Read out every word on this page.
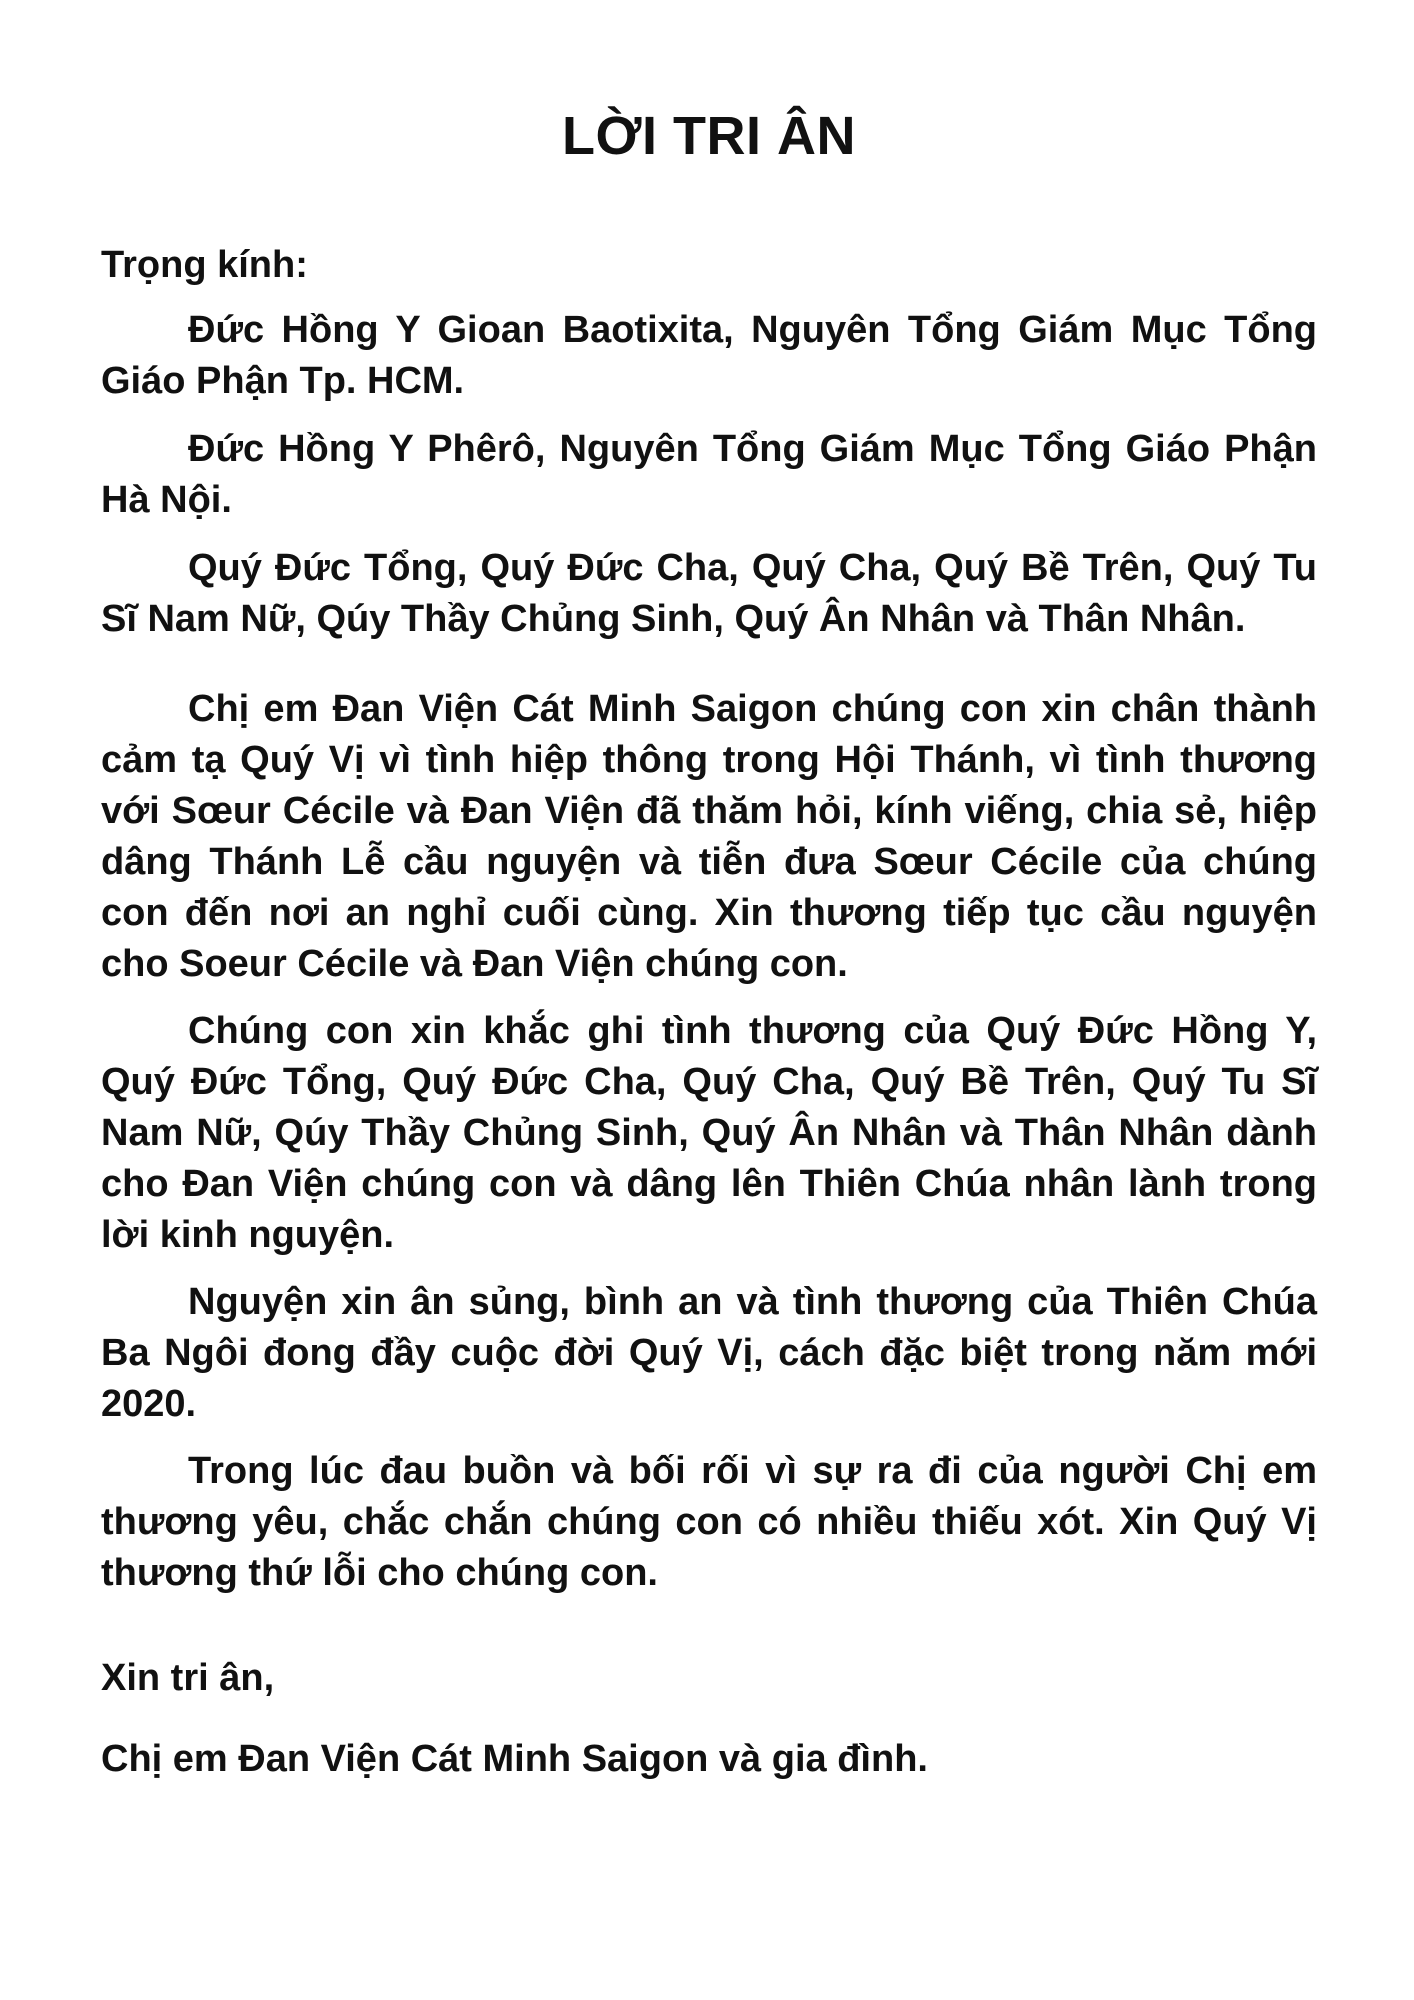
LỜI TRI ÂN

Trọng kính:

Đức Hồng Y Gioan Baotixita, Nguyên Tổng Giám Mục Tổng Giáo Phận Tp. HCM.

Đức Hồng Y Phêrô, Nguyên Tổng Giám Mục Tổng Giáo Phận Hà Nội.

Quý Đức Tổng, Quý Đức Cha, Quý Cha, Quý Bề Trên, Quý Tu Sĩ Nam Nữ, Qúy Thầy Chủng Sinh, Quý Ân Nhân và Thân Nhân.

Chị em Đan Viện Cát Minh Saigon chúng con xin chân thành cảm tạ Quý Vị vì tình hiệp thông trong Hội Thánh, vì tình thương với Sœur Cécile và Đan Viện đã thăm hỏi, kính viếng, chia sẻ, hiệp dâng Thánh Lễ cầu nguyện và tiễn đưa Sœur Cécile của chúng con đến nơi an nghỉ cuối cùng. Xin thương tiếp tục cầu nguyện cho Soeur Cécile và Đan Viện chúng con.

Chúng con xin khắc ghi tình thương của Quý Đức Hồng Y, Quý Đức Tổng, Quý Đức Cha, Quý Cha, Quý Bề Trên, Quý Tu Sĩ Nam Nữ, Qúy Thầy Chủng Sinh, Quý Ân Nhân và Thân Nhân dành cho Đan Viện chúng con và dâng lên Thiên Chúa nhân lành trong lời kinh nguyện.

Nguyện xin ân sủng, bình an và tình thương của Thiên Chúa Ba Ngôi đong đầy cuộc đời Quý Vị, cách đặc biệt trong năm mới 2020.

Trong lúc đau buồn và bối rối vì sự ra đi của người Chị em thương yêu, chắc chắn chúng con có nhiều thiếu xót. Xin Quý Vị thương thứ lỗi cho chúng con.

Xin tri ân,

Chị em Đan Viện Cát Minh Saigon và gia đình.
